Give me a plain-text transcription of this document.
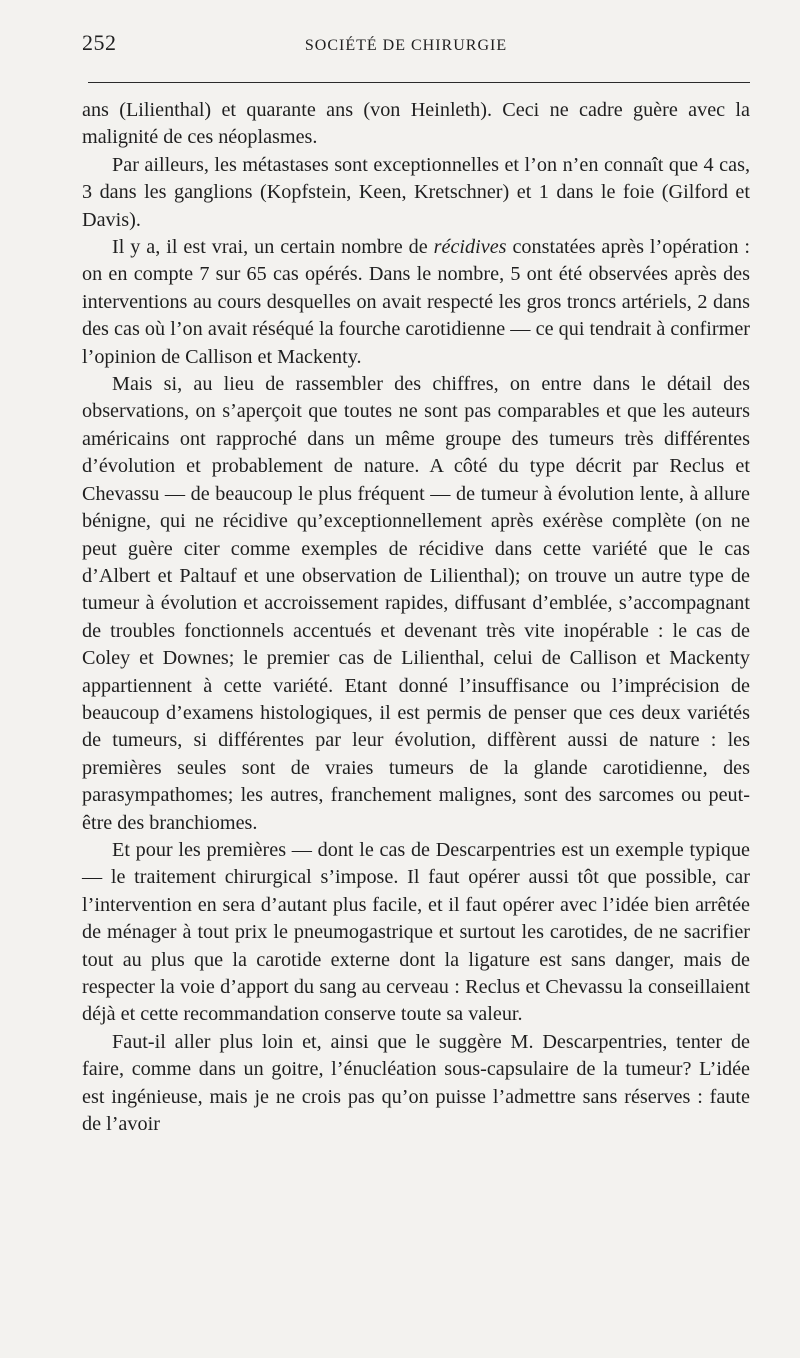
252	SOCIÉTÉ DE CHIRURGIE

ans (Lilienthal) et quarante ans (von Heinleth). Ceci ne cadre guère avec la malignité de ces néoplasmes.

Par ailleurs, les métastases sont exceptionnelles et l’on n’en connaît que 4 cas, 3 dans les ganglions (Kopfstein, Keen, Kretschner) et 1 dans le foie (Gilford et Davis).

Il y a, il est vrai, un certain nombre de récidives constatées après l’opération : on en compte 7 sur 65 cas opérés. Dans le nombre, 5 ont été observées après des interventions au cours desquelles on avait respecté les gros troncs artériels, 2 dans des cas où l’on avait réséqué la fourche carotidienne — ce qui tendrait à confirmer l’opinion de Callison et Mackenty.

Mais si, au lieu de rassembler des chiffres, on entre dans le détail des observations, on s’aperçoit que toutes ne sont pas comparables et que les auteurs américains ont rapproché dans un même groupe des tumeurs très différentes d’évolution et probablement de nature. A côté du type décrit par Reclus et Chevassu — de beaucoup le plus fréquent — de tumeur à évolution lente, à allure bénigne, qui ne récidive qu’exceptionnellement après exérèse complète (on ne peut guère citer comme exemples de récidive dans cette variété que le cas d’Albert et Paltauf et une observation de Lilienthal); on trouve un autre type de tumeur à évolution et accroissement rapides, diffusant d’emblée, s’accompagnant de troubles fonctionnels accentués et devenant très vite inopérable : le cas de Coley et Downes; le premier cas de Lilienthal, celui de Callison et Mackenty appartiennent à cette variété. Etant donné l’insuffisance ou l’imprécision de beaucoup d’examens histologiques, il est permis de penser que ces deux variétés de tumeurs, si différentes par leur évolution, diffèrent aussi de nature : les premières seules sont de vraies tumeurs de la glande carotidienne, des parasympathomes; les autres, franchement malignes, sont des sarcomes ou peut-être des branchiomes.

Et pour les premières — dont le cas de Descarpentries est un exemple typique — le traitement chirurgical s’impose. Il faut opérer aussi tôt que possible, car l’intervention en sera d’autant plus facile, et il faut opérer avec l’idée bien arrêtée de ménager à tout prix le pneumogastrique et surtout les carotides, de ne sacrifier tout au plus que la carotide externe dont la ligature est sans danger, mais de respecter la voie d’apport du sang au cerveau : Reclus et Chevassu la conseillaient déjà et cette recommandation conserve toute sa valeur.

Faut-il aller plus loin et, ainsi que le suggère M. Descarpentries, tenter de faire, comme dans un goitre, l’énucléation sous-capsulaire de la tumeur? L’idée est ingénieuse, mais je ne crois pas qu’on puisse l’admettre sans réserves : faute de l’avoir
